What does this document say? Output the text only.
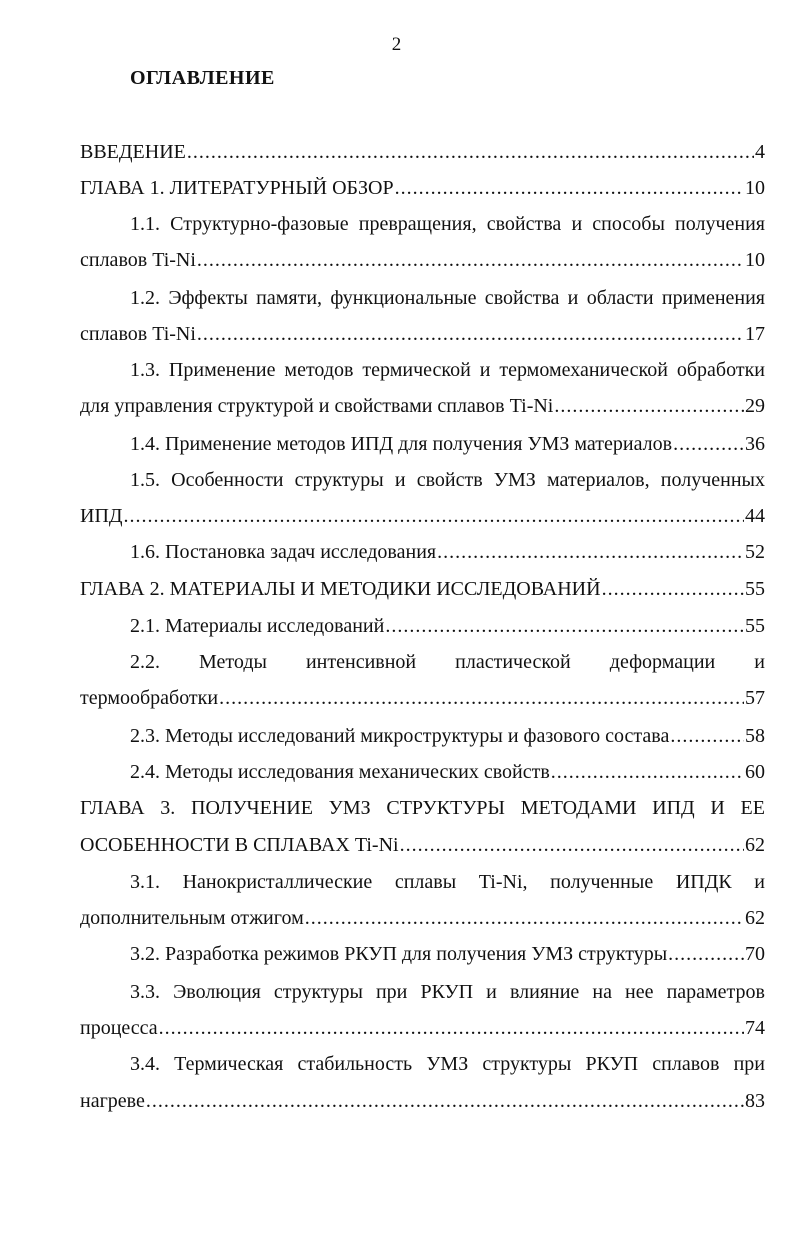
2
ОГЛАВЛЕНИЕ
ВВЕДЕНИЕ .....	4
ГЛАВА 1. ЛИТЕРАТУРНЫЙ ОБЗОР .....	10
1.1. Структурно-фазовые превращения, свойства и способы получения
сплавов Ti-Ni .....	10
1.2. Эффекты памяти, функциональные свойства и области применения
сплавов Ti-Ni .....	17
1.3. Применение методов термической и термомеханической обработки
для управления структурой и свойствами сплавов Ti-Ni .....	29
1.4. Применение методов ИПД для получения УМЗ материалов .....	36
1.5. Особенности структуры и свойств УМЗ материалов, полученных
ИПД .....	44
1.6. Постановка задач исследования .....	52
ГЛАВА 2. МАТЕРИАЛЫ И МЕТОДИКИ ИССЛЕДОВАНИЙ .....	55
2.1. Материалы исследований .....	55
2.2. Методы интенсивной пластической деформации и
термообработки .....	57
2.3. Методы исследований микроструктуры и фазового состава .....	58
2.4. Методы исследования механических свойств .....	60
ГЛАВА 3. ПОЛУЧЕНИЕ УМЗ СТРУКТУРЫ МЕТОДАМИ ИПД И ЕЕ
ОСОБЕННОСТИ В СПЛАВАХ Ti-Ni .....	62
3.1. Нанокристаллические сплавы Ti-Ni, полученные ИПДК и
дополнительным отжигом .....	62
3.2. Разработка режимов РКУП для получения УМЗ структуры .....	70
3.3. Эволюция структуры при РКУП и влияние на нее параметров
процесса .....	74
3.4. Термическая стабильность УМЗ структуры РКУП сплавов при
нагреве .....	83
